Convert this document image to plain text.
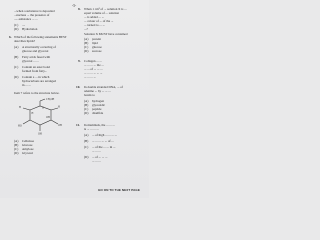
-5-
...when a substance is deposited
...nucleus ... the presence of
......substance ... ...
(C) ....
(D) Hydrolation
6. Which of the following statements BEST
describes lipids?
(A) A structurally occurring of
glucose and glycerol
(B) Fatty acids fused with
glycerol ... ...
(C) Contain an ester bond
formed from fatty...
(D) Contain a ... in which
hydrocarbons are arranged
in ... ...
Item 7 refers to the structure below.
CH₂OH
O	H
OH
OH
HO
H
H
OH
(A) Cellulose
(B) Glucose
(C) Amylose
(D) Glycerol
8. When 1 cm³ of ... solution X is ...
equal volume of ... solution
... is added ... ...
... colour of ... of the ...
... turned to ... ...
...?
Solution X MUST have contained
(A) protein
(B) lipid
(C) glucose
(D) sucrose
9. Collagen ... ...
... ... ... ... the ...
... ... of ... ... ...
... ... ... ... ... ...
... ... ... ...
10. In double stranded DNA, ... of
adenine ... by ... ... ...
bonds to
(A) hydrogen
(B) glycosidic
(C) peptide
(D) disulfide
11. In mammals, the ... ... ...
is ... ... ... ...
(A) ... of high ... ... ... ...
(B) ... ... ... ... ... of ...
(C) ... of the ... ... in ...
... ... ...
(D) ... of ... ... ...
... ... ...
GO ON TO THE NEXT PAGE
